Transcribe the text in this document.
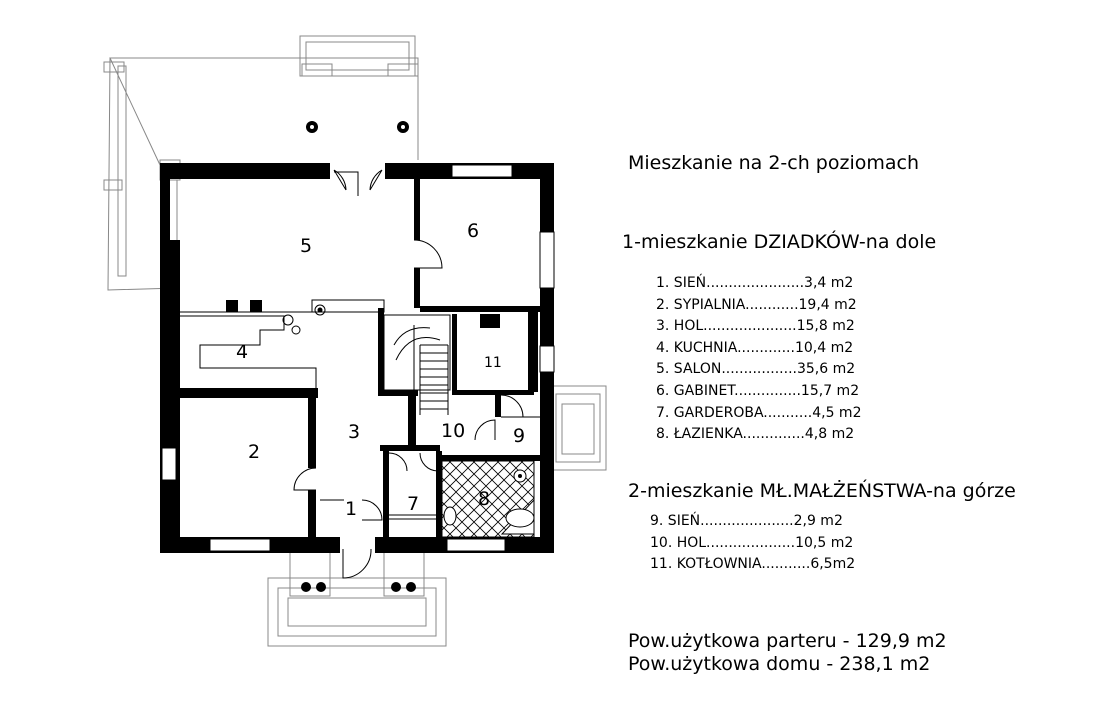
1
2
3
4
5
6
7	8
9
10
11
Mieszkanie na 2-ch poziomach
1-mieszkanie DZIADKÓW-na dole
1. SIEŃ......................3,4 m2
2. SYPIALNIA............19,4 m2
3. HOL.....................15,8 m2
4. KUCHNIA.............10,4 m2
5. SALON.................35,6 m2
6. GABINET...............15,7 m2
7. GARDEROBA...........4,5 m2
8. ŁAZIENKA..............4,8 m2
2-mieszkanie MŁ.MAŁŻEŃSTWA-na górze
9. SIEŃ.....................2,9 m2
10. HOL....................10,5 m2
11. KOTŁOWNIA...........6,5m2
Pow.użytkowa parteru - 129,9 m2
Pow.użytkowa domu - 238,1 m2
